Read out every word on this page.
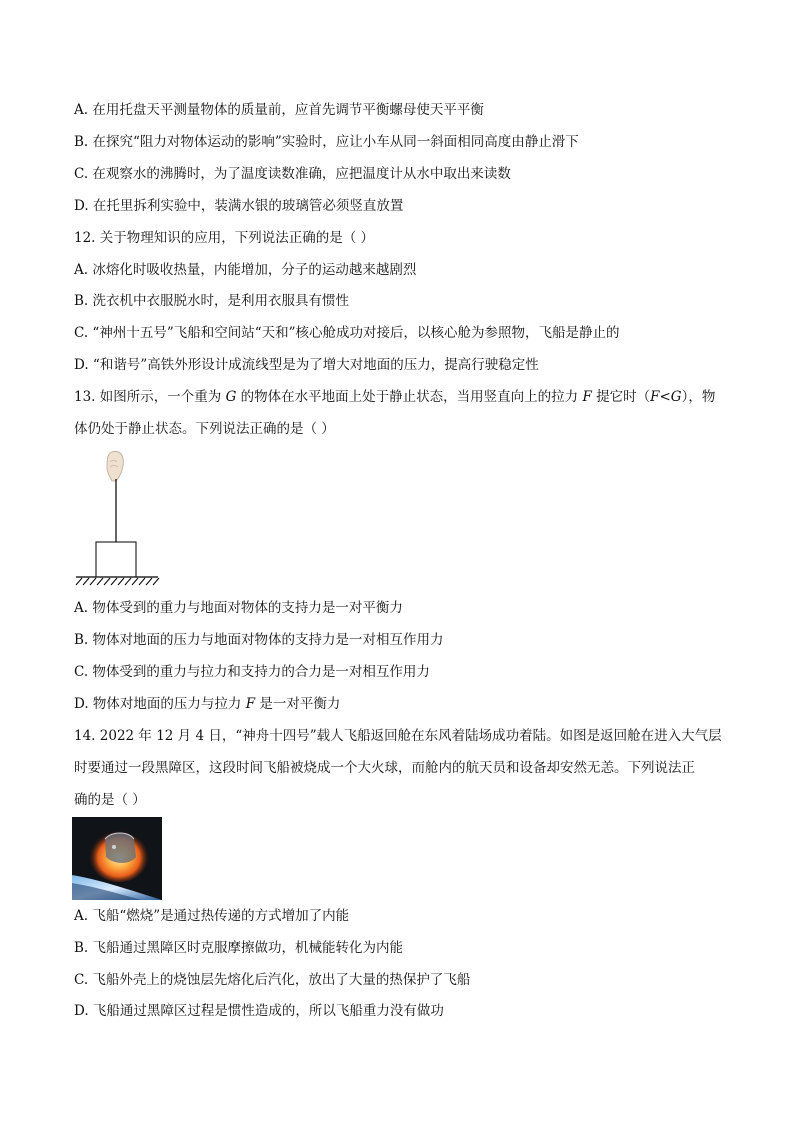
A. 在用托盘天平测量物体的质量前，应首先调节平衡螺母使天平平衡
B. 在探究“阻力对物体运动的影响”实验时，应让小车从同一斜面相同高度由静止滑下
C. 在观察水的沸腾时，为了温度读数准确，应把温度计从水中取出来读数
D. 在托里拆利实验中，装满水银的玻璃管必须竖直放置
12. 关于物理知识的应用，下列说法正确的是（ ）
A. 冰熔化时吸收热量，内能增加，分子的运动越来越剧烈
B. 洗衣机中衣服脱水时，是利用衣服具有惯性
C. “神州十五号”飞船和空间站“天和”核心舱成功对接后，以核心舱为参照物，飞船是静止的
D. “和谐号”高铁外形设计成流线型是为了增大对地面的压力，提高行驶稳定性
13. 如图所示，一个重为 G 的物体在水平地面上处于静止状态，当用竖直向上的拉力 F 提它时（F<G），物
体仍处于静止状态。下列说法正确的是（ ）
A. 物体受到的重力与地面对物体的支持力是一对平衡力
B. 物体对地面的压力与地面对物体的支持力是一对相互作用力
C. 物体受到的重力与拉力和支持力的合力是一对相互作用力
D. 物体对地面的压力与拉力 F 是一对平衡力
14. 2022 年 12 月 4 日，“神舟十四号”载人飞船返回舱在东风着陆场成功着陆。如图是返回舱在进入大气层
时要通过一段黑障区，这段时间飞船被烧成一个大火球，而舱内的航天员和设备却安然无恙。下列说法正
确的是（ ）
A. 飞船“燃烧”是通过热传递的方式增加了内能
B. 飞船通过黑障区时克服摩擦做功，机械能转化为内能
C. 飞船外壳上的烧蚀层先熔化后汽化，放出了大量的热保护了飞船
D. 飞船通过黑障区过程是惯性造成的，所以飞船重力没有做功
